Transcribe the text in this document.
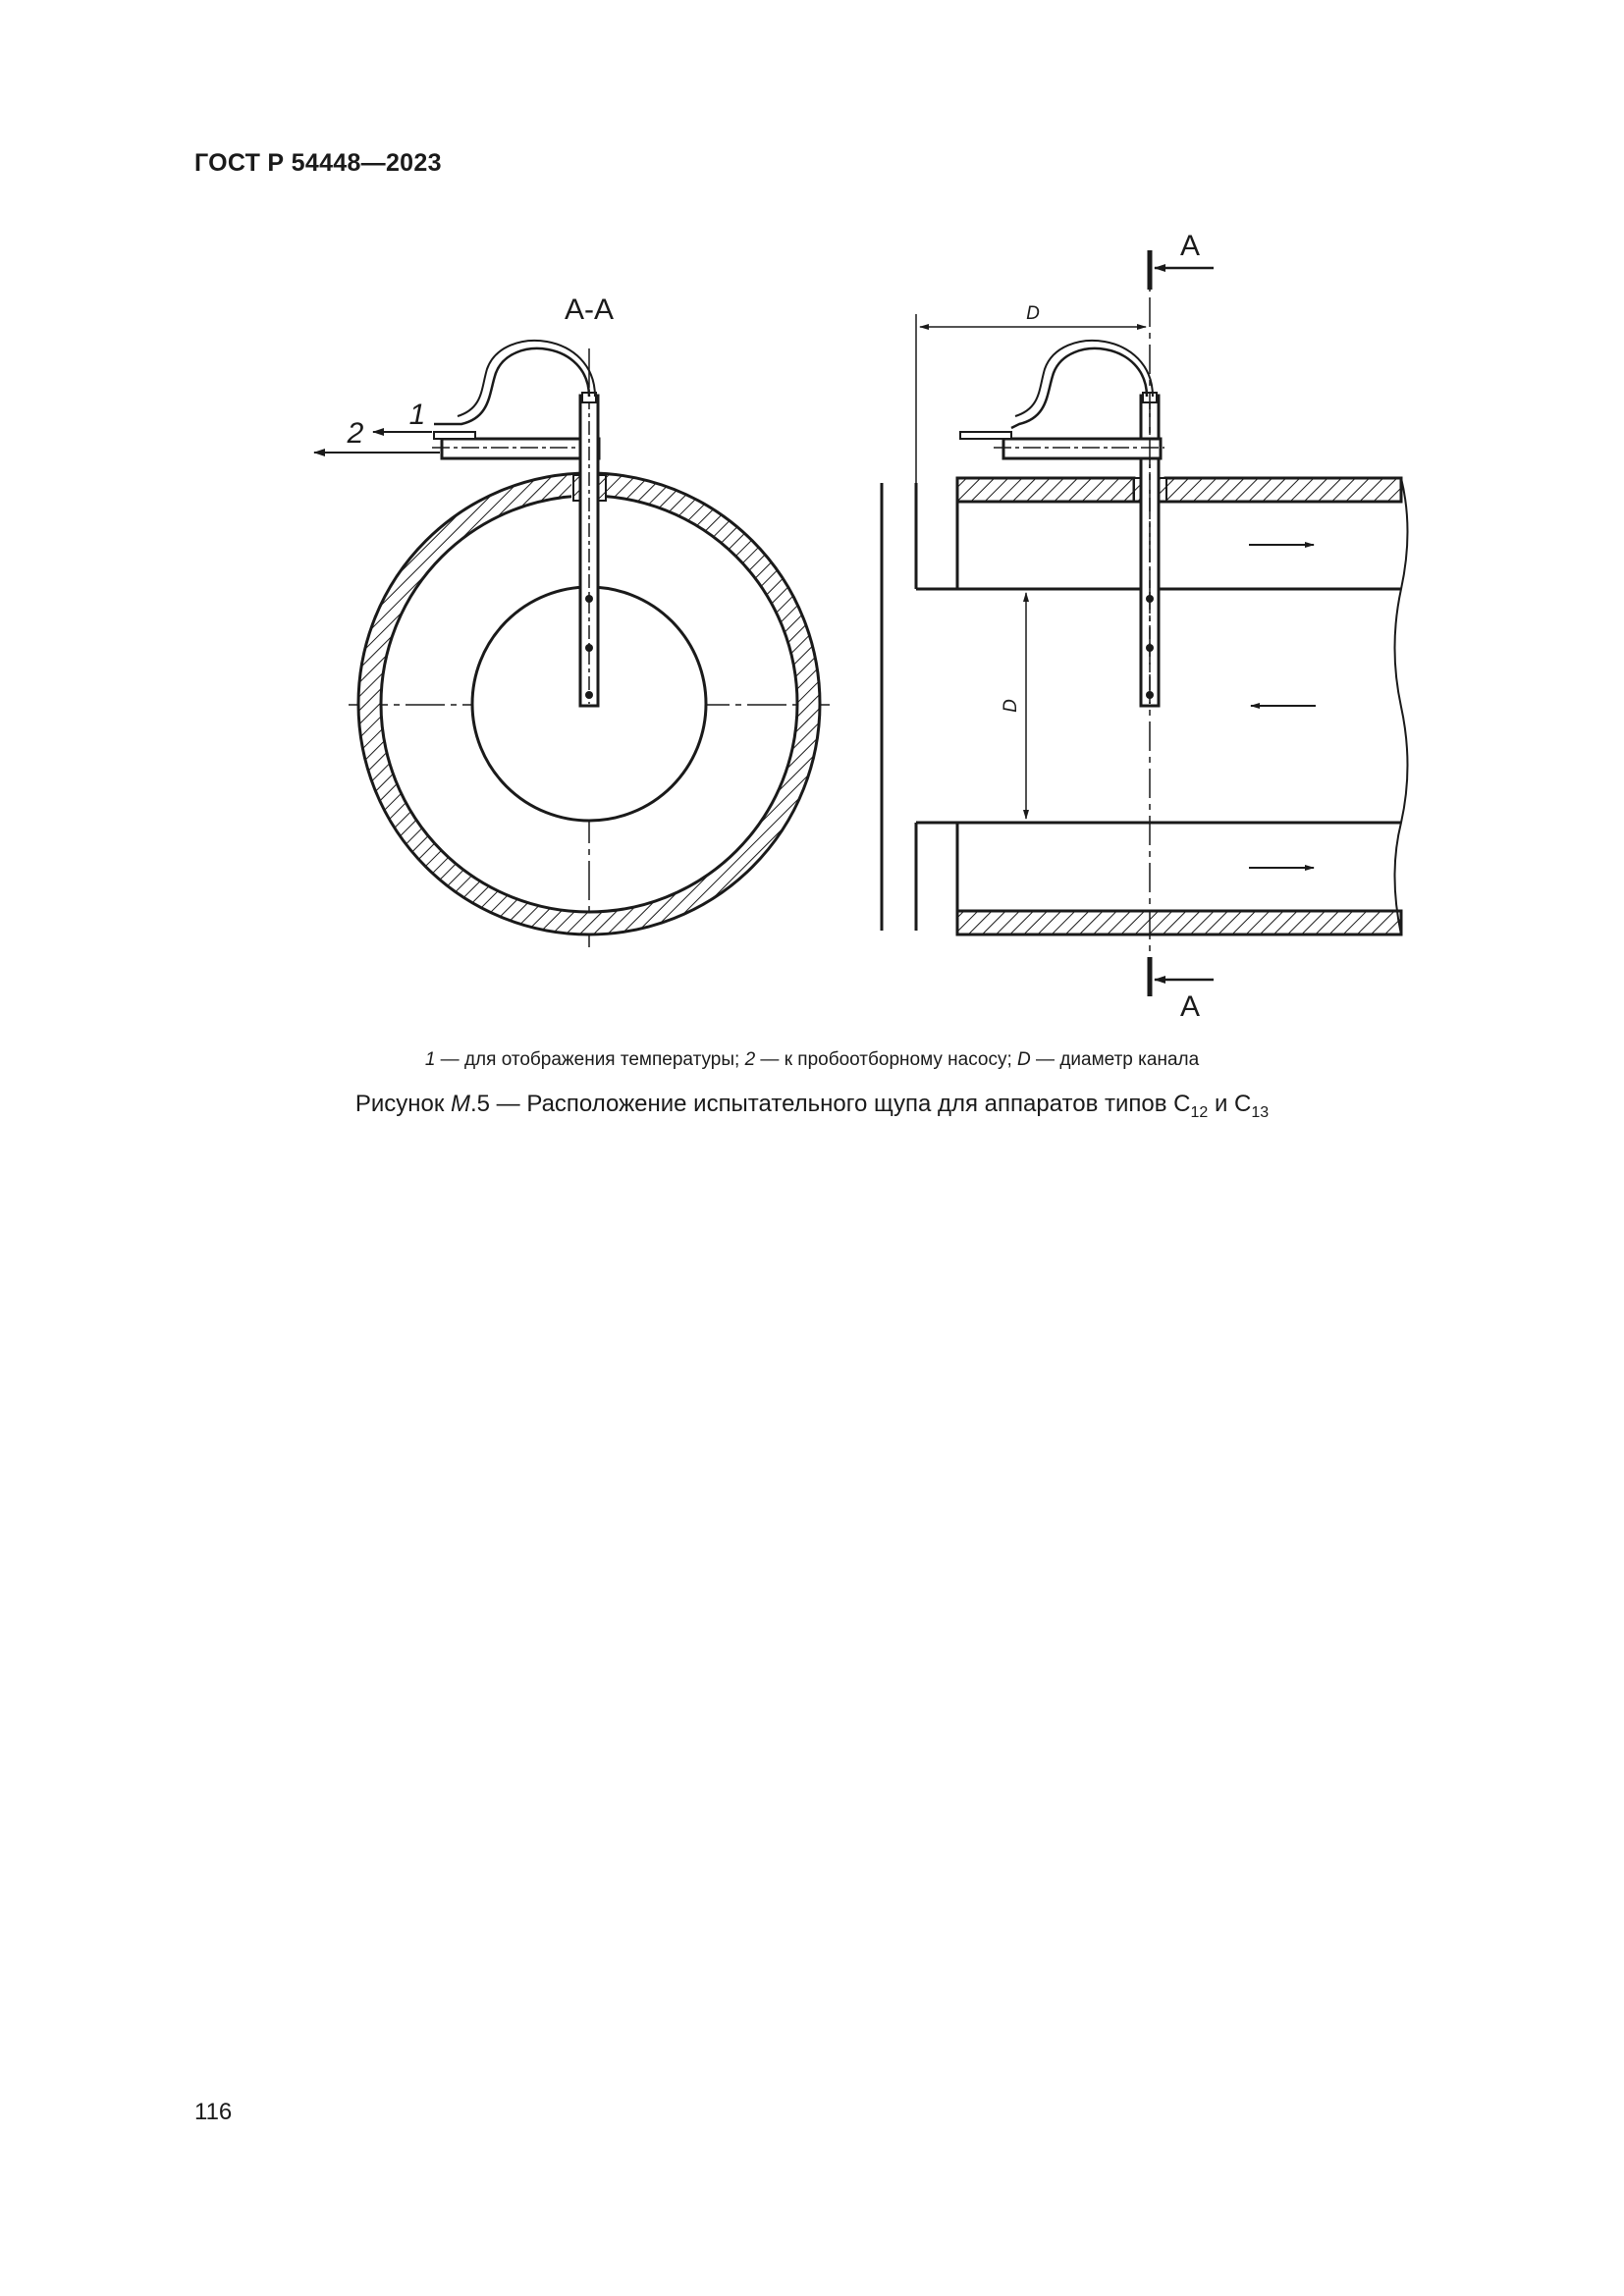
ГОСТ Р 54448—2023
А-А
1
2
А
А
D
D
1 — для отображения температуры; 2 — к пробоотборному насосу; D — диаметр канала
Рисунок М.5 — Расположение испытательного щупа для аппаратов типов $С_{12}$ и $С_{13}$
116
